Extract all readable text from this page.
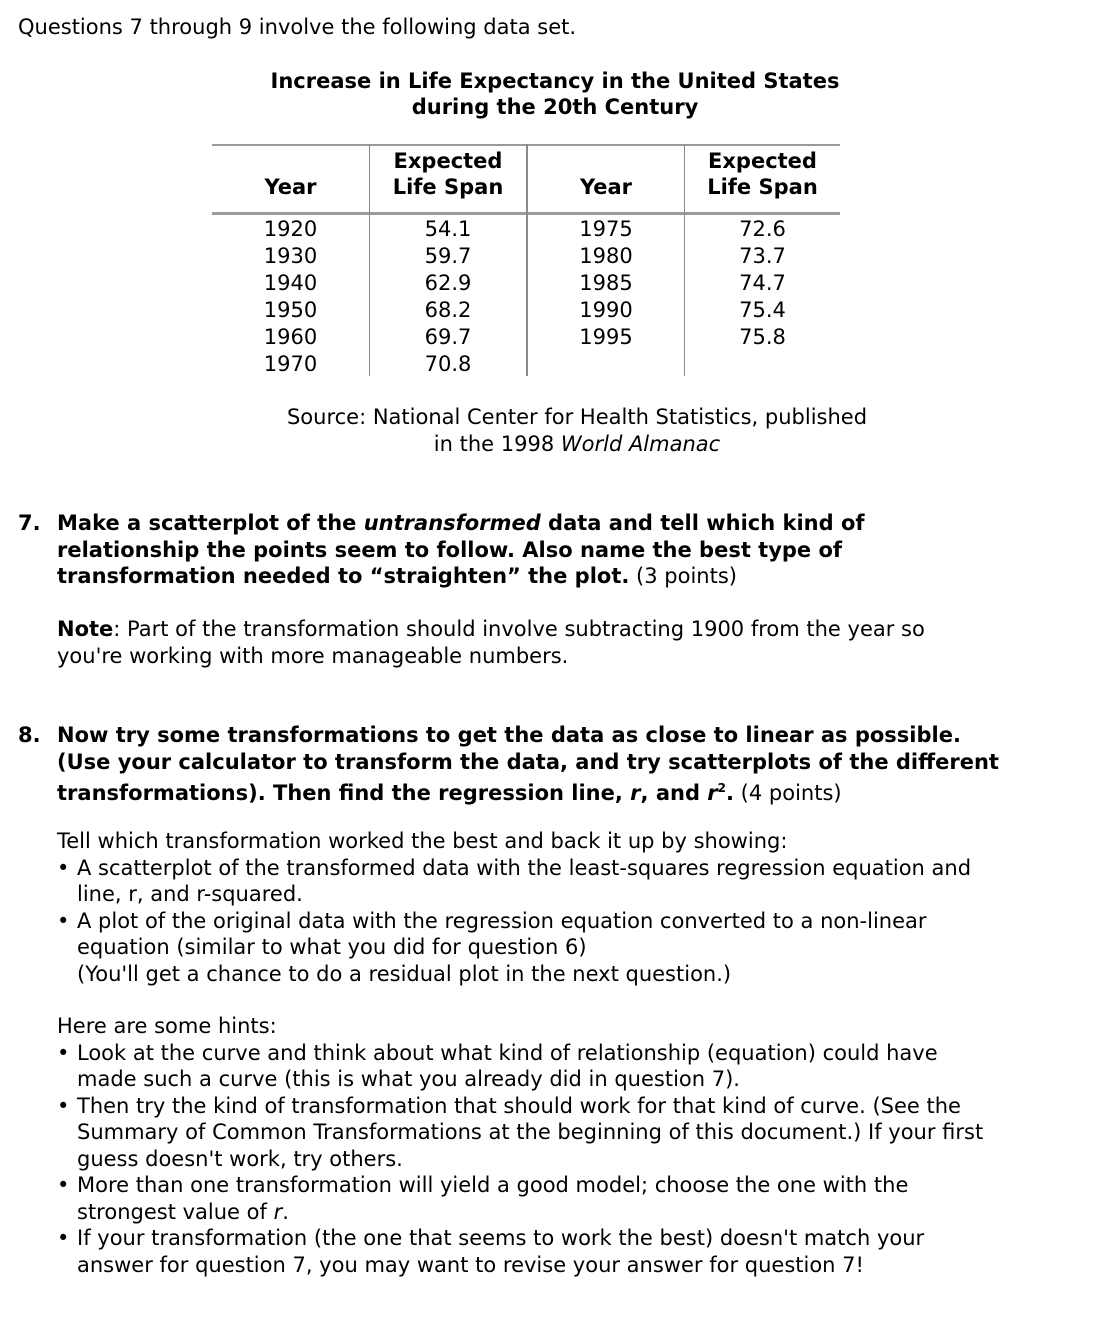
Questions 7 through 9 involve the following data set.
Increase in Life Expectancy in the United States
during the 20th Century
Year
Expected
Life Span	Year
Expected
Life Span
1920
1930
1940
1950
1960
1970
54.1
59.7
62.9
68.2
69.7
70.8
1975
1980
1985
1990
1995
72.6
73.7
74.7
75.4
75.8
Source: National Center for Health Statistics, published
in the 1998 World Almanac
7. Make a scatterplot of the untransformed data and tell which kind of
relationship the points seem to follow. Also name the best type of
transformation needed to “straighten” the plot. (3 points)
Note: Part of the transformation should involve subtracting 1900 from the year so
you're working with more manageable numbers.
8. Now try some transformations to get the data as close to linear as possible.
(Use your calculator to transform the data, and try scatterplots of the different
transformations). Then find the regression line, r, and $r^2$. (4 points)
Tell which transformation worked the best and back it up by showing:
• A scatterplot of the transformed data with the least-squares regression equation and
line, r, and r-squared.
• A plot of the original data with the regression equation converted to a non-linear
equation (similar to what you did for question 6)
(You'll get a chance to do a residual plot in the next question.)
Here are some hints:
• Look at the curve and think about what kind of relationship (equation) could have
made such a curve (this is what you already did in question 7).
• Then try the kind of transformation that should work for that kind of curve. (See the
Summary of Common Transformations at the beginning of this document.) If your first
guess doesn't work, try others.
• More than one transformation will yield a good model; choose the one with the
strongest value of r.
• If your transformation (the one that seems to work the best) doesn't match your
answer for question 7, you may want to revise your answer for question 7!
